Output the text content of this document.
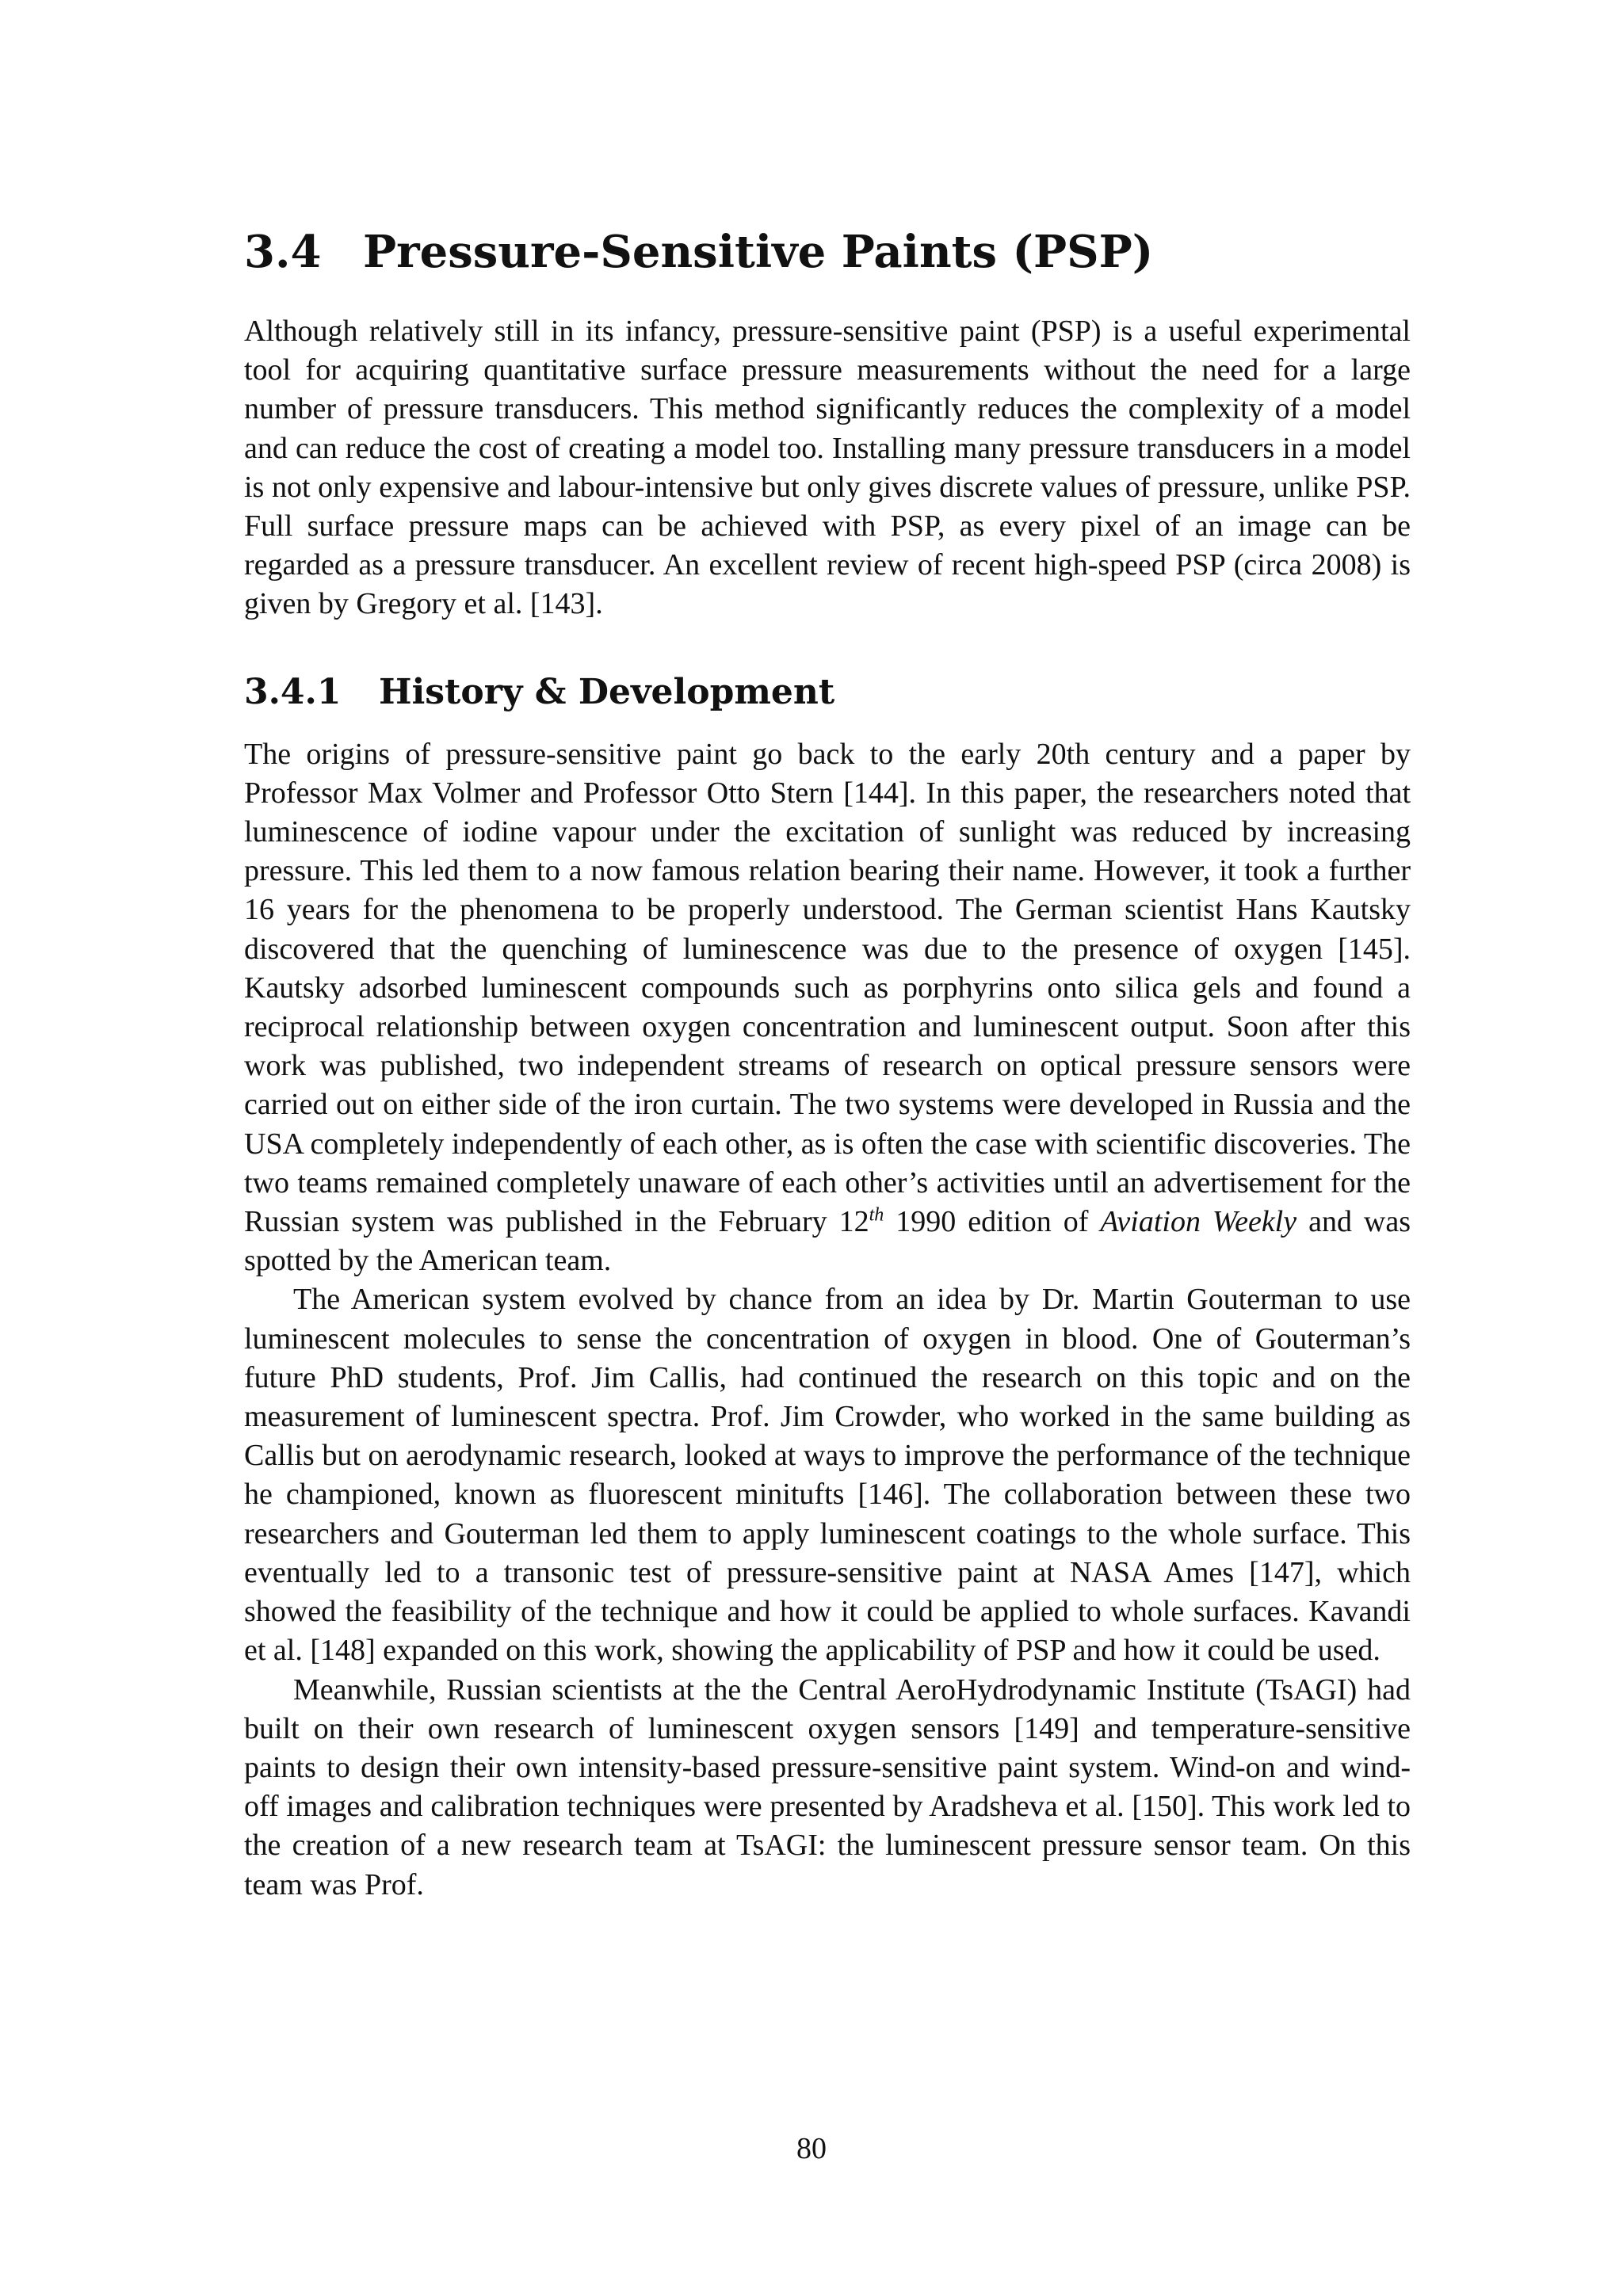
3.4 Pressure-Sensitive Paints (PSP)

Although relatively still in its infancy, pressure-sensitive paint (PSP) is a useful experimental tool for acquiring quantitative surface pressure measurements without the need for a large number of pressure transducers. This method significantly reduces the complexity of a model and can reduce the cost of creating a model too. Installing many pressure transducers in a model is not only expensive and labour-intensive but only gives discrete values of pressure, unlike PSP. Full surface pressure maps can be achieved with PSP, as every pixel of an image can be regarded as a pressure transducer. An excellent review of recent high-speed PSP (circa 2008) is given by Gregory et al. [143].

3.4.1 History & Development

The origins of pressure-sensitive paint go back to the early 20th century and a paper by Professor Max Volmer and Professor Otto Stern [144]. In this paper, the researchers noted that luminescence of iodine vapour under the excitation of sunlight was reduced by increasing pressure. This led them to a now famous relation bearing their name. However, it took a further 16 years for the phenomena to be properly understood. The German scientist Hans Kautsky discovered that the quenching of luminescence was due to the presence of oxygen [145]. Kautsky adsorbed luminescent compounds such as porphyrins onto silica gels and found a reciprocal relationship between oxygen concentration and luminescent output. Soon after this work was published, two independent streams of research on optical pressure sensors were carried out on either side of the iron curtain. The two systems were developed in Russia and the USA completely independently of each other, as is often the case with scientific discoveries. The two teams remained completely unaware of each other’s activities until an advertisement for the Russian system was published in the February 12th 1990 edition of Aviation Weekly and was spotted by the American team.

The American system evolved by chance from an idea by Dr. Martin Gouterman to use luminescent molecules to sense the concentration of oxygen in blood. One of Gouterman’s future PhD students, Prof. Jim Callis, had continued the research on this topic and on the measurement of luminescent spectra. Prof. Jim Crowder, who worked in the same building as Callis but on aerodynamic research, looked at ways to improve the performance of the technique he championed, known as fluorescent minitufts [146]. The collaboration between these two researchers and Gouterman led them to apply luminescent coatings to the whole surface. This eventually led to a transonic test of pressure-sensitive paint at NASA Ames [147], which showed the feasibility of the technique and how it could be applied to whole surfaces. Kavandi et al. [148] expanded on this work, showing the applicability of PSP and how it could be used.

Meanwhile, Russian scientists at the the Central AeroHydrodynamic Institute (TsAGI) had built on their own research of luminescent oxygen sensors [149] and temperature-sensitive paints to design their own intensity-based pressure-sensitive paint system. Wind-on and wind-off images and calibration techniques were presented by Aradsheva et al. [150]. This work led to the creation of a new research team at TsAGI: the luminescent pressure sensor team. On this team was Prof.

80
